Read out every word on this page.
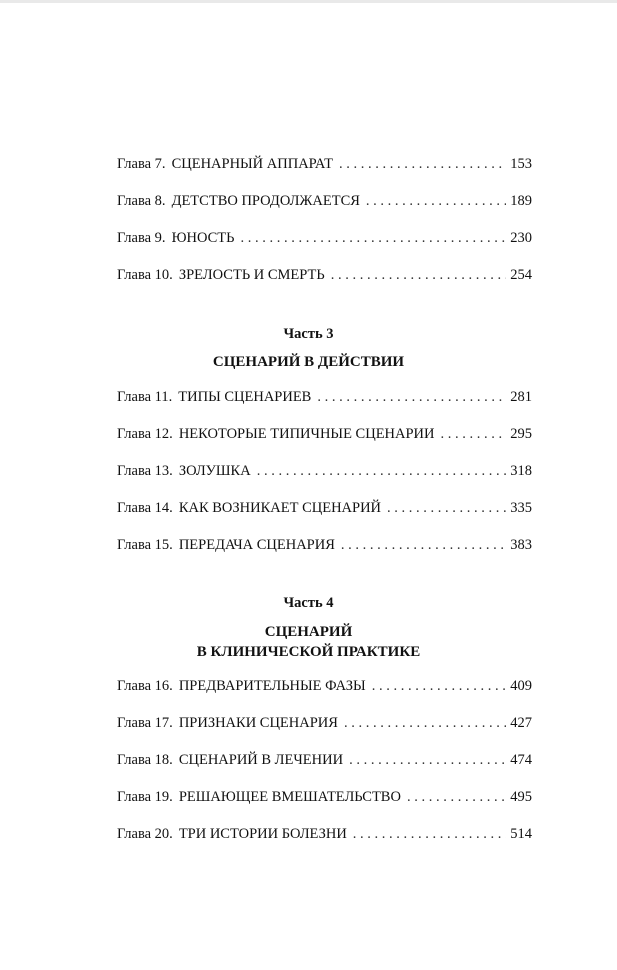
Глава 7. СЦЕНАРНЫЙ АППАРАТ . . .	153
Глава 8. ДЕТСТВО ПРОДОЛЖАЕТСЯ . . .	189
Глава 9. ЮНОСТЬ . . .	230
Глава 10. ЗРЕЛОСТЬ И СМЕРТЬ . . .	254
Часть 3
СЦЕНАРИЙ В ДЕЙСТВИИ
Глава 11. ТИПЫ СЦЕНАРИЕВ . . .	281
Глава 12. НЕКОТОРЫЕ ТИПИЧНЫЕ СЦЕНАРИИ . . .	295
Глава 13. ЗОЛУШКА . . .	318
Глава 14. КАК ВОЗНИКАЕТ СЦЕНАРИЙ . . .	335
Глава 15. ПЕРЕДАЧА СЦЕНАРИЯ . . .	383
Часть 4
СЦЕНАРИЙ
В КЛИНИЧЕСКОЙ ПРАКТИКЕ
Глава 16. ПРЕДВАРИТЕЛЬНЫЕ ФАЗЫ . . .	409
Глава 17. ПРИЗНАКИ СЦЕНАРИЯ . . .	427
Глава 18. СЦЕНАРИЙ В ЛЕЧЕНИИ . . .	474
Глава 19. РЕШАЮЩЕЕ ВМЕШАТЕЛЬСТВО . . .	495
Глава 20. ТРИ ИСТОРИИ БОЛЕЗНИ . . .	514
